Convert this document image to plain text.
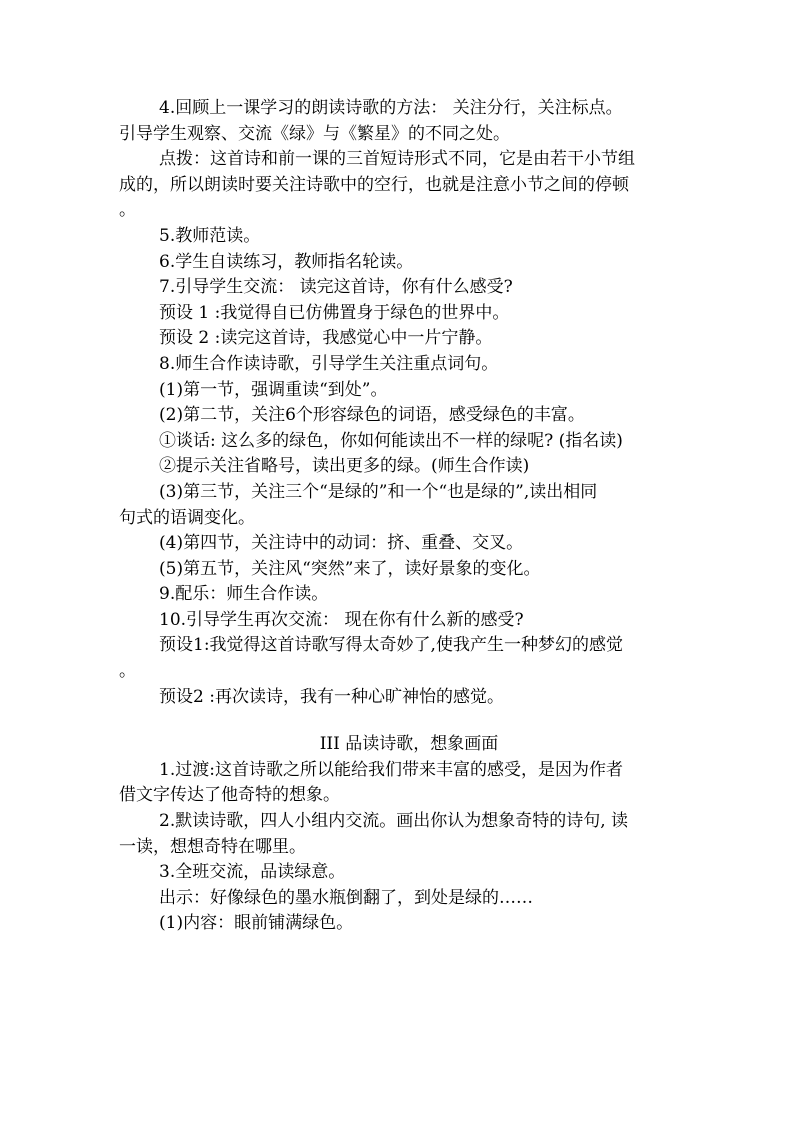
4.回顾上一课学习的朗读诗歌的方法： 关注分行，关注标点。
引导学生观察、交流《绿》与《繁星》的不同之处。
点拨：这首诗和前一课的三首短诗形式不同，它是由若干小节组
成的，所以朗读时要关注诗歌中的空行，也就是注意小节之间的停顿
。
5.教师范读。
6.学生自读练习，教师指名轮读。
7.引导学生交流： 读完这首诗，你有什么感受?
预设 1 :我觉得自已仿佛置身于绿色的世界中。
预设 2 :读完这首诗，我感觉心中一片宁静。
8.师生合作读诗歌，引导学生关注重点词句。
(1)第一节，强调重读“到处”。
(2)第二节，关注6个形容绿色的词语，感受绿色的丰富。
①谈话: 这么多的绿色，你如何能读出不一样的绿呢? (指名读)
②提示关注省略号，读出更多的绿。(师生合作读)
(3)第三节，关注三个“是绿的”和一个“也是绿的”,读出相同
句式的语调变化。
(4)第四节，关注诗中的动词：挤、重叠、交叉。
(5)第五节，关注风“突然”来了，读好景象的变化。
9.配乐：师生合作读。
10.引导学生再次交流： 现在你有什么新的感受?
预设1:我觉得这首诗歌写得太奇妙了,使我产生一种梦幻的感觉
。
预设2 :再次读诗，我有一种心旷神怡的感觉。
III 品读诗歌，想象画面
1.过渡:这首诗歌之所以能给我们带来丰富的感受，是因为作者
借文字传达了他奇特的想象。
2.默读诗歌，四人小组内交流。画出你认为想象奇特的诗句, 读
一读，想想奇特在哪里。
3.全班交流，品读绿意。
出示：好像绿色的墨水瓶倒翻了，到处是绿的……
(1)内容：眼前铺满绿色。
